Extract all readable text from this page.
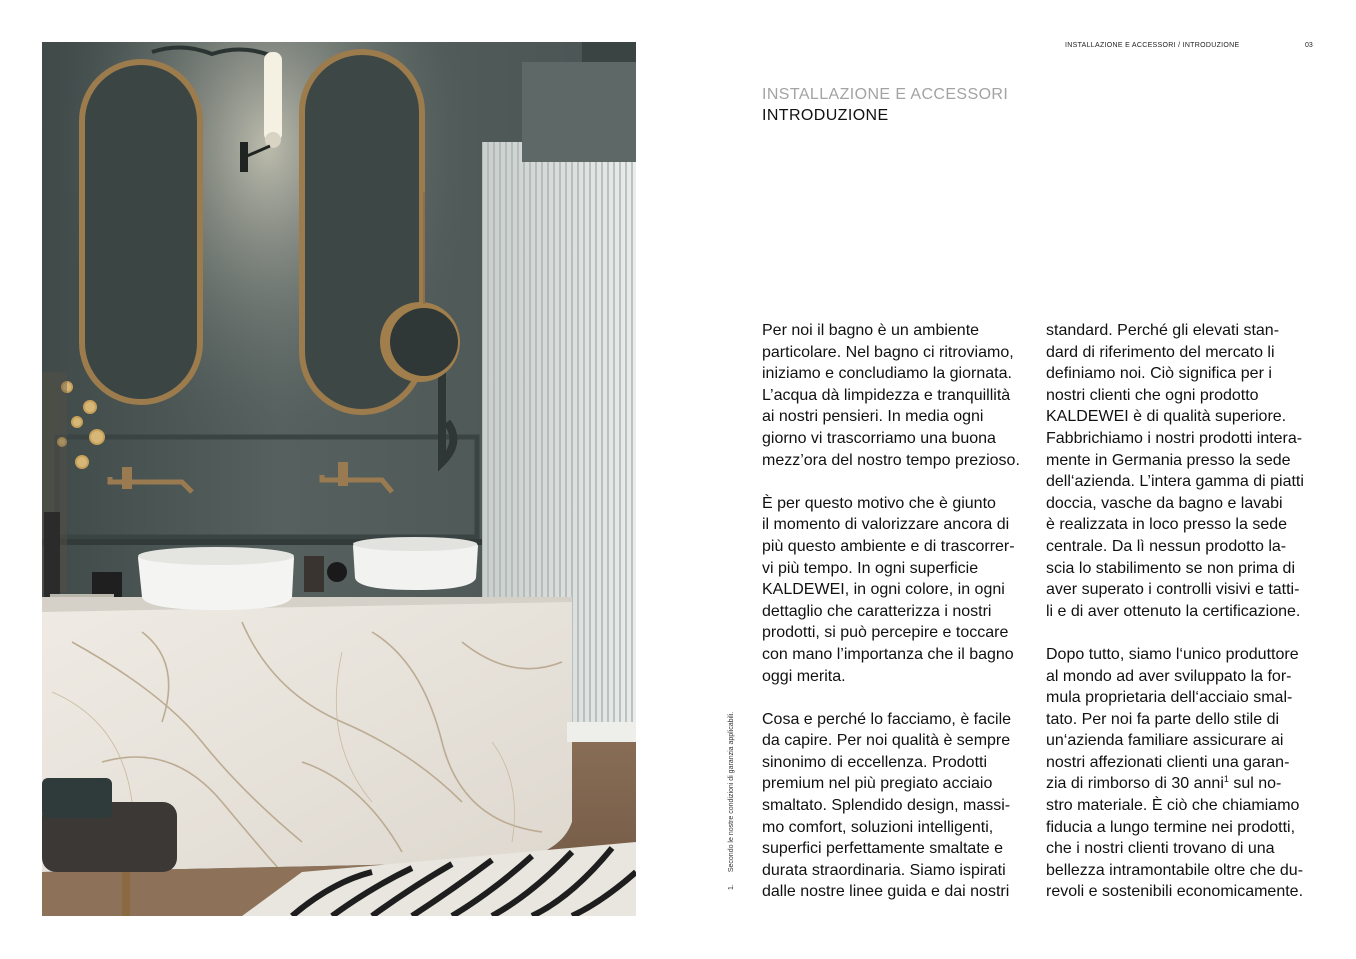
INSTALLAZIONE E ACCESSORI / INTRODUZIONE	03
INSTALLAZIONE E ACCESSORI
INTRODUZIONE
Per noi il bagno è un ambiente
particolare. Nel bagno ci ritroviamo,
iniziamo e concludiamo la giornata.
L’acqua dà limpidezza e tranquillità
ai nostri pensieri. In media ogni
giorno vi trascorriamo una buona
mezz’ora del nostro tempo prezioso.
È per questo motivo che è giunto
il momento di valorizzare ancora di
più questo ambiente e di trascorrer-
vi più tempo. In ogni superficie
KALDEWEI, in ogni colore, in ogni
dettaglio che caratterizza i nostri
prodotti, si può percepire e toccare
con mano l’importanza che il bagno
oggi merita.
Cosa e perché lo facciamo, è facile
da capire. Per noi qualità è sempre
sinonimo di eccellenza. Prodotti
premium nel più pregiato acciaio
smaltato. Splendido design, massi-
mo comfort, soluzioni intelligenti,
superfici perfettamente smaltate e
durata straordinaria. Siamo ispirati
dalle nostre linee guida e dai nostri
standard. Perché gli elevati stan-
dard di riferimento del mercato li
definiamo noi. Ciò significa per i
nostri clienti che ogni prodotto
KALDEWEI è di qualità superiore.
Fabbrichiamo i nostri prodotti intera-
mente in Germania presso la sede
dell‘azienda. L’intera gamma di piatti
doccia, vasche da bagno e lavabi
è realizzata in loco presso la sede
centrale. Da lì nessun prodotto la-
scia lo stabilimento se non prima di
aver superato i controlli visivi e tatti-
li e di aver ottenuto la certificazione.
Dopo tutto, siamo l‘unico produttore
al mondo ad aver sviluppato la for-
mula proprietaria dell‘acciaio smal-
tato. Per noi fa parte dello stile di
un‘azienda familiare assicurare ai
nostri affezionati clienti una garan-
zia di rimborso di 30 anni$^1$ sul no-
stro materiale. È ciò che chiamiamo
fiducia a lungo termine nei prodotti,
che i nostri clienti trovano di una
bellezza intramontabile oltre che du-
revoli e sostenibili economicamente.
1.Secondo le nostre condizioni di garanzia applicabili.
